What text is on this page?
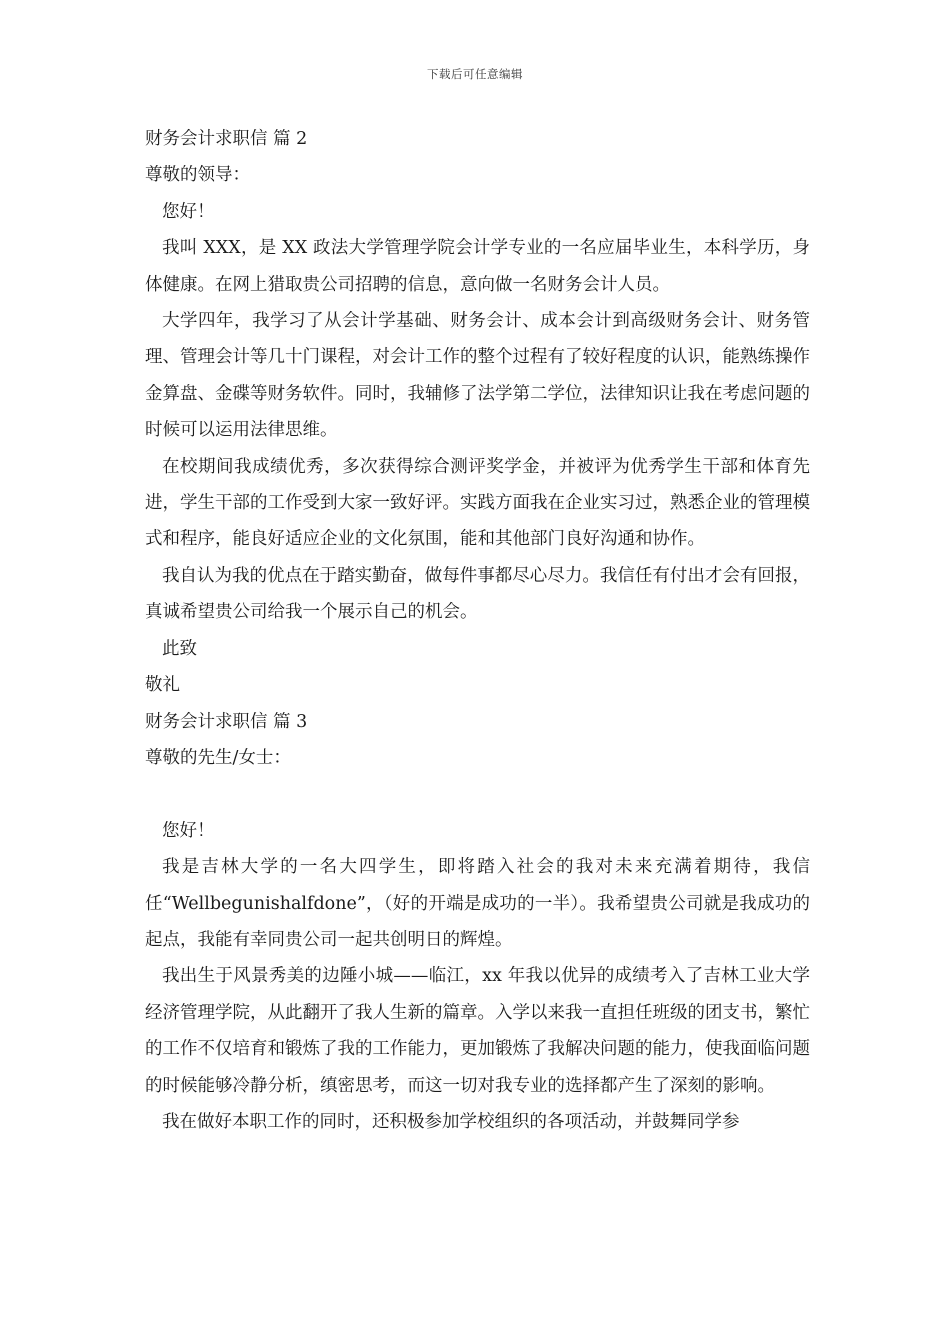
下载后可任意编辑

财务会计求职信 篇 2

尊敬的领导：

您好！

我叫 XXX，是 XX 政法大学管理学院会计学专业的一名应届毕业生，本科学历，身体健康。在网上猎取贵公司招聘的信息，意向做一名财务会计人员。

大学四年，我学习了从会计学基础、财务会计、成本会计到高级财务会计、财务管理、管理会计等几十门课程，对会计工作的整个过程有了较好程度的认识，能熟练操作金算盘、金碟等财务软件。同时，我辅修了法学第二学位，法律知识让我在考虑问题的时候可以运用法律思维。

在校期间我成绩优秀，多次获得综合测评奖学金，并被评为优秀学生干部和体育先进，学生干部的工作受到大家一致好评。实践方面我在企业实习过，熟悉企业的管理模式和程序，能良好适应企业的文化氛围，能和其他部门良好沟通和协作。

我自认为我的优点在于踏实勤奋，做每件事都尽心尽力。我信任有付出才会有回报，真诚希望贵公司给我一个展示自己的机会。

此致

敬礼

财务会计求职信 篇 3

尊敬的先生/女士：

您好！

我是吉林大学的一名大四学生，即将踏入社会的我对未来充满着期待，我信任“Wellbegunishalfdone”，（好的开端是成功的一半）。我希望贵公司就是我成功的起点，我能有幸同贵公司一起共创明日的辉煌。

我出生于风景秀美的边陲小城——临江，xx 年我以优异的成绩考入了吉林工业大学经济管理学院，从此翻开了我人生新的篇章。入学以来我一直担任班级的团支书，繁忙的工作不仅培育和锻炼了我的工作能力，更加锻炼了我解决问题的能力，使我面临问题的时候能够冷静分析，缜密思考，而这一切对我专业的选择都产生了深刻的影响。

我在做好本职工作的同时，还积极参加学校组织的各项活动，并鼓舞同学参
